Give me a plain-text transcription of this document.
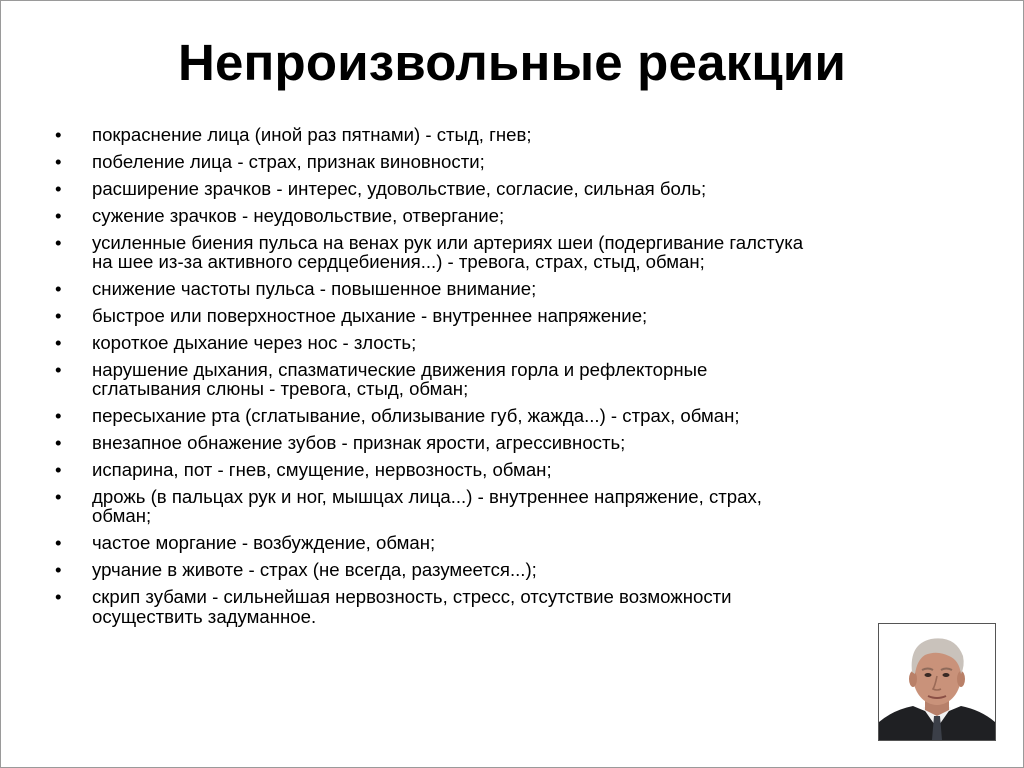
Непроизвольные реакции
•	покраснение лица (иной раз пятнами) - стыд, гнев;
•	побеление лица - страх, признак виновности;
•	расширение зрачков - интерес, удовольствие, согласие, сильная боль;
•	сужение зрачков - неудовольствие, отвергание;
•	усиленные биения пульса на венах рук или артериях шеи (подергивание галстука
на шее из-за активного сердцебиения...) - тревога, страх, стыд, обман;
•	снижение частоты пульса - повышенное внимание;
•	быстрое или поверхностное дыхание - внутреннее напряжение;
•	короткое дыхание через нос - злость;
•	нарушение дыхания, спазматические движения горла и рефлекторные
сглатывания слюны - тревога, стыд, обман;
•	пересыхание рта (сглатывание, облизывание губ, жажда...) - страх, обман;
•	внезапное обнажение зубов - признак ярости, агрессивность;
•	испарина, пот - гнев, смущение, нервозность, обман;
•	дрожь (в пальцах рук и ног, мышцах лица...) - внутреннее напряжение, страх,
обман;
•	частое моргание - возбуждение, обман;
•	урчание в животе - страх (не всегда, разумеется...);
•	скрип зубами - сильнейшая нервозность, стресс, отсутствие возможности
осуществить задуманное.
